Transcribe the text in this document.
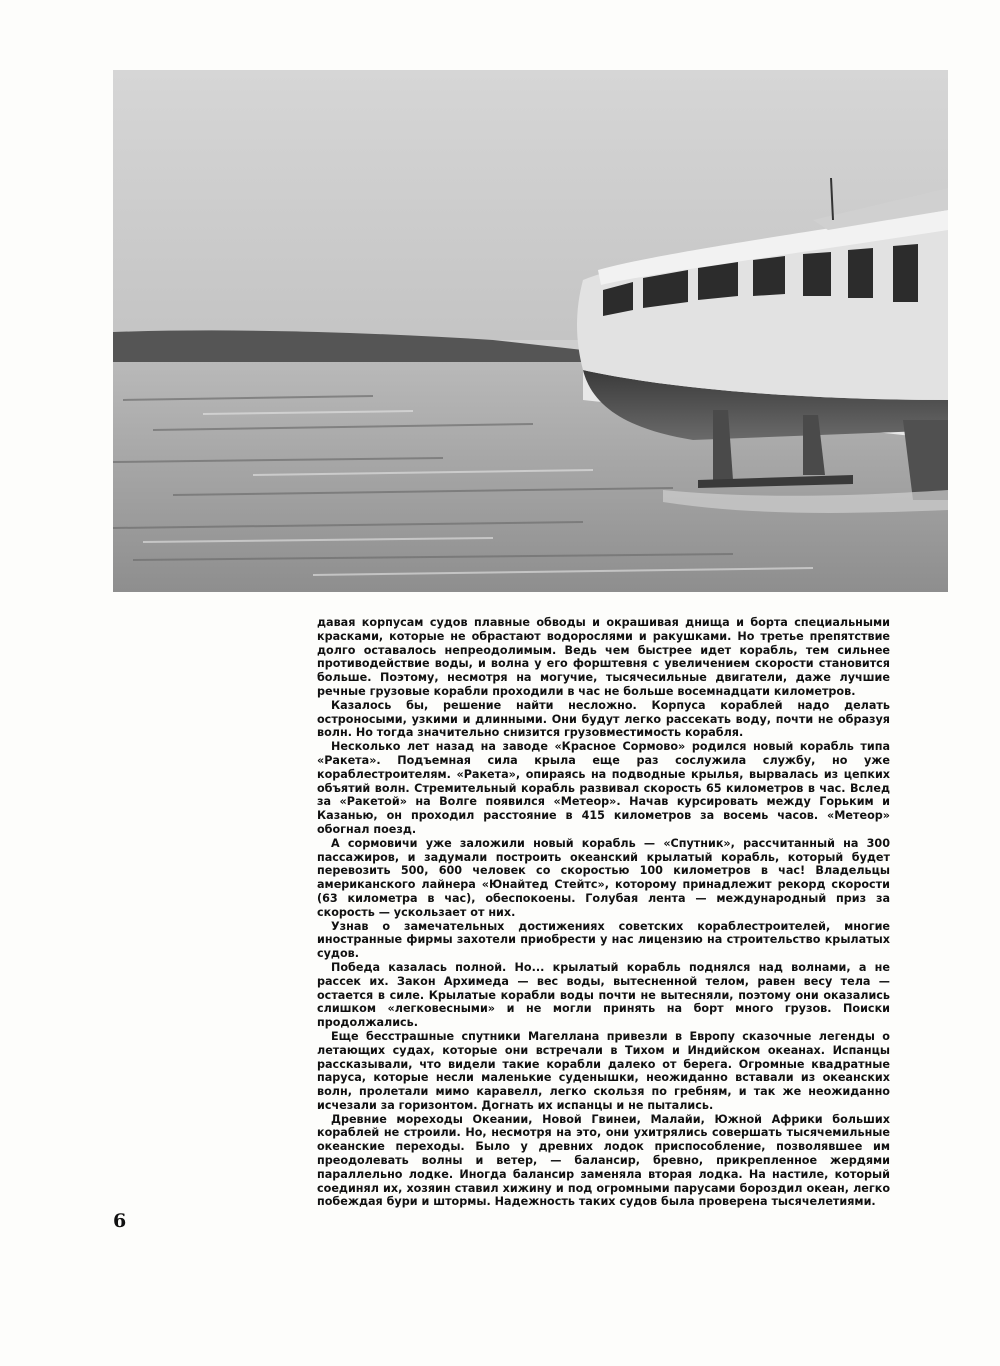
давая корпусам судов плавные обводы и окрашивая днища и борта специальными красками, которые не обрастают водорослями и ракушками. Но третье препятствие долго оставалось непреодолимым. Ведь чем быстрее идет корабль, тем сильнее противодействие воды, и волна у его форштевня с увеличением скорости становится больше. Поэтому, несмотря на могучие, тысячесильные двигатели, даже лучшие речные грузовые корабли проходили в час не больше восемнадцати километров.

Казалось бы, решение найти несложно. Корпуса кораблей надо делать остроносыми, узкими и длинными. Они будут легко рассекать воду, почти не образуя волн. Но тогда значительно снизится грузовместимость корабля.

Несколько лет назад на заводе «Красное Сормово» родился новый корабль типа «Ракета». Подъемная сила крыла еще раз сослужила службу, но уже кораблестроителям. «Ракета», опираясь на подводные крылья, вырвалась из цепких объятий волн. Стремительный корабль развивал скорость 65 километров в час. Вслед за «Ракетой» на Волге появился «Метеор». Начав курсировать между Горьким и Казанью, он проходил расстояние в 415 километров за восемь часов. «Метеор» обогнал поезд.

А сормовичи уже заложили новый корабль — «Спутник», рассчитанный на 300 пассажиров, и задумали построить океанский крылатый корабль, который будет перевозить 500, 600 человек со скоростью 100 километров в час! Владельцы американского лайнера «Юнайтед Стейтс», которому принадлежит рекорд скорости (63 километра в час), обеспокоены. Голубая лента — международный приз за скорость — ускользает от них.

Узнав о замечательных достижениях советских кораблестроителей, многие иностранные фирмы захотели приобрести у нас лицензию на строительство крылатых судов.

Победа казалась полной. Но... крылатый корабль поднялся над волнами, а не рассек их. Закон Архимеда — вес воды, вытесненной телом, равен весу тела — остается в силе. Крылатые корабли воды почти не вытесняли, поэтому они оказались слишком «легковесными» и не могли принять на борт много грузов. Поиски продолжались.

Еще бесстрашные спутники Магеллана привезли в Европу сказочные легенды о летающих судах, которые они встречали в Тихом и Индийском океанах. Испанцы рассказывали, что видели такие корабли далеко от берега. Огромные квадратные паруса, которые несли маленькие суденышки, неожиданно вставали из океанских волн, пролетали мимо каравелл, легко скользя по гребням, и так же неожиданно исчезали за горизонтом. Догнать их испанцы и не пытались.

Древние мореходы Океании, Новой Гвинеи, Малайи, Южной Африки больших кораблей не строили. Но, несмотря на это, они ухитрялись совершать тысячемильные океанские переходы. Было у древних лодок приспособление, позволявшее им преодолевать волны и ветер, — балансир, бревно, прикрепленное жердями параллельно лодке. Иногда балансир заменяла вторая лодка. На настиле, который соединял их, хозяин ставил хижину и под огромными парусами бороздил океан, легко побеждая бури и штормы. Надежность таких судов была проверена тысячелетиями.

6
